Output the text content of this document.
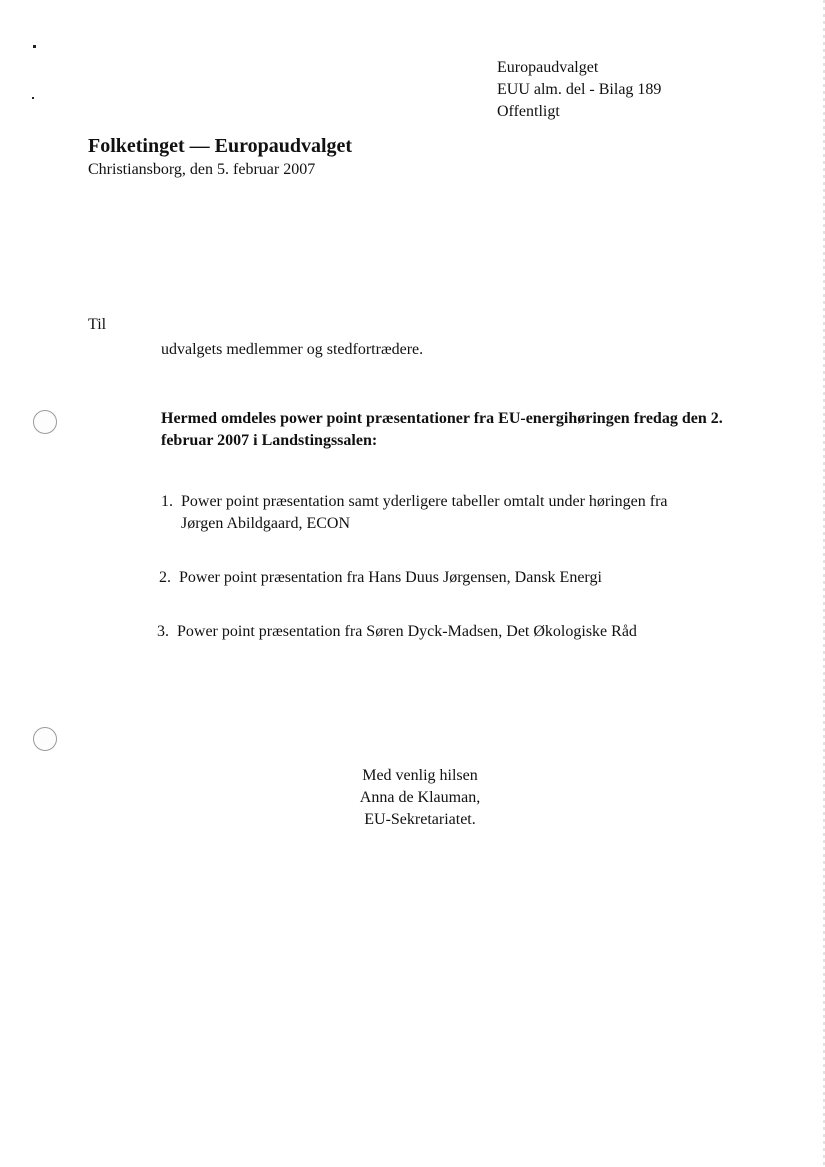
Europaudvalget
EUU alm. del - Bilag 189
Offentligt
Folketinget — Europaudvalget
Christiansborg, den 5. februar 2007
Til
udvalgets medlemmer og stedfortrædere.
Hermed omdeles power point præsentationer fra EU-energihøringen fredag den 2. februar 2007 i Landstingssalen:
1. Power point præsentation samt yderligere tabeller omtalt under høringen fra
Jørgen Abildgaard, ECON
2. Power point præsentation fra Hans Duus Jørgensen, Dansk Energi
3. Power point præsentation fra Søren Dyck-Madsen, Det Økologiske Råd
Med venlig hilsen
Anna de Klauman,
EU-Sekretariatet.
